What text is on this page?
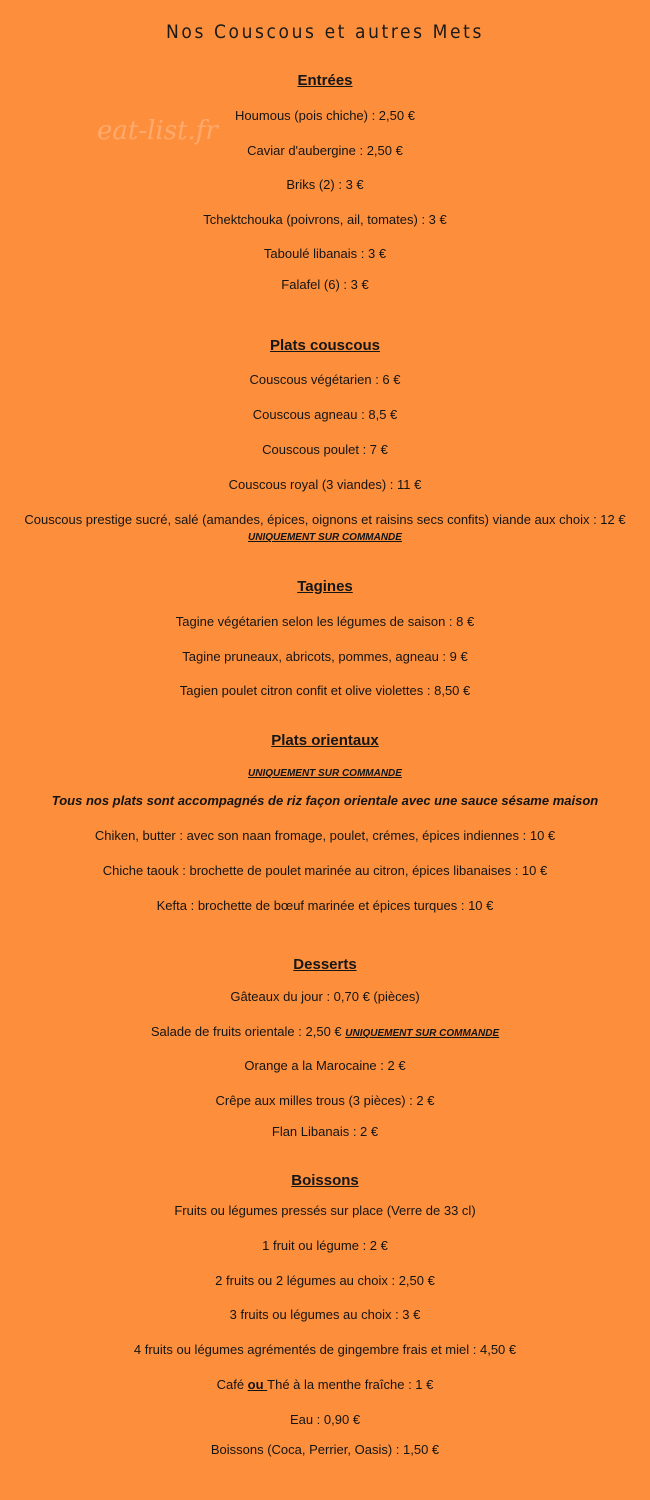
eat-list.fr
Nos Couscous et autres Mets
Entrées
Houmous (pois chiche) : 2,50 €
Caviar d'aubergine : 2,50 €
Briks (2) : 3 €
Tchektchouka (poivrons, ail, tomates) : 3 €
Taboulé libanais : 3 €
Falafel (6) : 3 €
Plats couscous
Couscous végétarien : 6 €
Couscous agneau : 8,5 €
Couscous poulet : 7 €
Couscous royal (3 viandes) : 11 €
Couscous prestige sucré, salé (amandes, épices, oignons et raisins secs confits) viande aux choix : 12 € UNIQUEMENT SUR COMMANDE
Tagines
Tagine végétarien selon les légumes de saison : 8 €
Tagine pruneaux, abricots, pommes, agneau : 9 €
Tagien poulet citron confit et olive violettes : 8,50 €
Plats orientaux
UNIQUEMENT SUR COMMANDE
Tous nos plats sont accompagnés de riz façon orientale avec une sauce sésame maison
Chiken, butter : avec son naan fromage, poulet, crémes, épices indiennes : 10 €
Chiche taouk : brochette de poulet marinée au citron, épices libanaises : 10 €
Kefta : brochette de bœuf marinée et épices turques : 10 €
Desserts
Gâteaux du jour : 0,70 € (pièces)
Salade de fruits orientale : 2,50 € UNIQUEMENT SUR COMMANDE
Orange a la Marocaine : 2 €
Crêpe aux milles trous (3 pièces) : 2 €
Flan Libanais : 2 €
Boissons
Fruits ou légumes pressés sur place (Verre de 33 cl)
1 fruit ou légume : 2 €
2 fruits ou 2 légumes au choix : 2,50 €
3 fruits ou légumes au choix : 3 €
4 fruits ou légumes agrémentés de gingembre frais et miel : 4,50 €
Café ou Thé à la menthe fraîche : 1 €
Eau : 0,90 €
Boissons (Coca, Perrier, Oasis) : 1,50 €
